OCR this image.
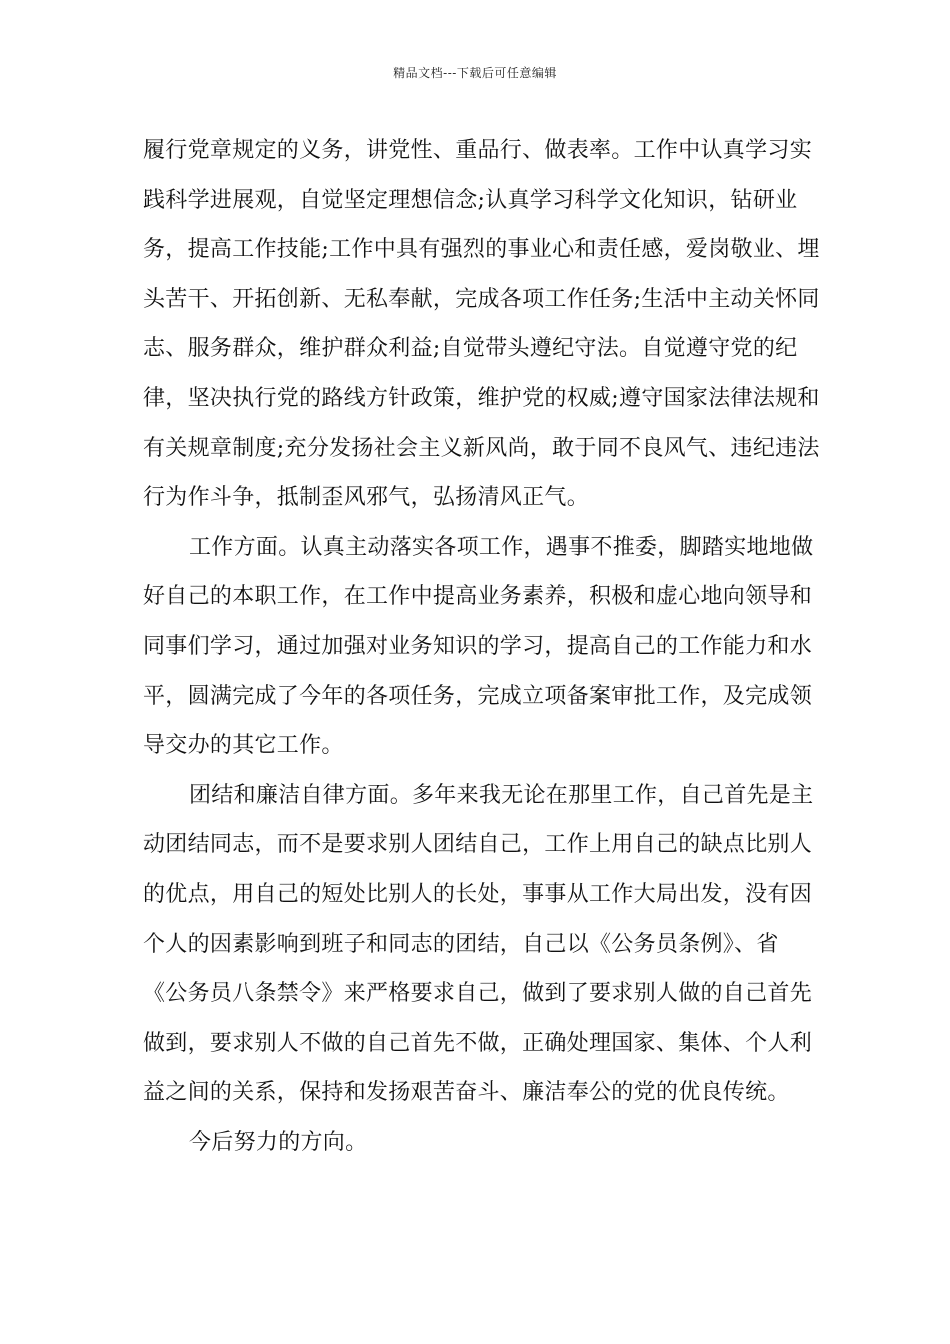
精品文档---下载后可任意编辑

履行党章规定的义务，讲党性、重品行、做表率。工作中认真学习实践科学进展观，自觉坚定理想信念;认真学习科学文化知识，钻研业务，提高工作技能;工作中具有强烈的事业心和责任感，爱岗敬业、埋头苦干、开拓创新、无私奉献，完成各项工作任务;生活中主动关怀同志、服务群众，维护群众利益;自觉带头遵纪守法。自觉遵守党的纪律，坚决执行党的路线方针政策，维护党的权威;遵守国家法律法规和有关规章制度;充分发扬社会主义新风尚，敢于同不良风气、违纪违法行为作斗争，抵制歪风邪气，弘扬清风正气。

工作方面。认真主动落实各项工作，遇事不推委，脚踏实地地做好自己的本职工作，在工作中提高业务素养，积极和虚心地向领导和同事们学习，通过加强对业务知识的学习，提高自己的工作能力和水平，圆满完成了今年的各项任务，完成立项备案审批工作，及完成领导交办的其它工作。

团结和廉洁自律方面。多年来我无论在那里工作，自己首先是主动团结同志，而不是要求别人团结自己，工作上用自己的缺点比别人的优点，用自己的短处比别人的长处，事事从工作大局出发，没有因个人的因素影响到班子和同志的团结，自己以《公务员条例》、省《公务员八条禁令》来严格要求自己，做到了要求别人做的自己首先做到，要求别人不做的自己首先不做，正确处理国家、集体、个人利益之间的关系，保持和发扬艰苦奋斗、廉洁奉公的党的优良传统。

今后努力的方向。
